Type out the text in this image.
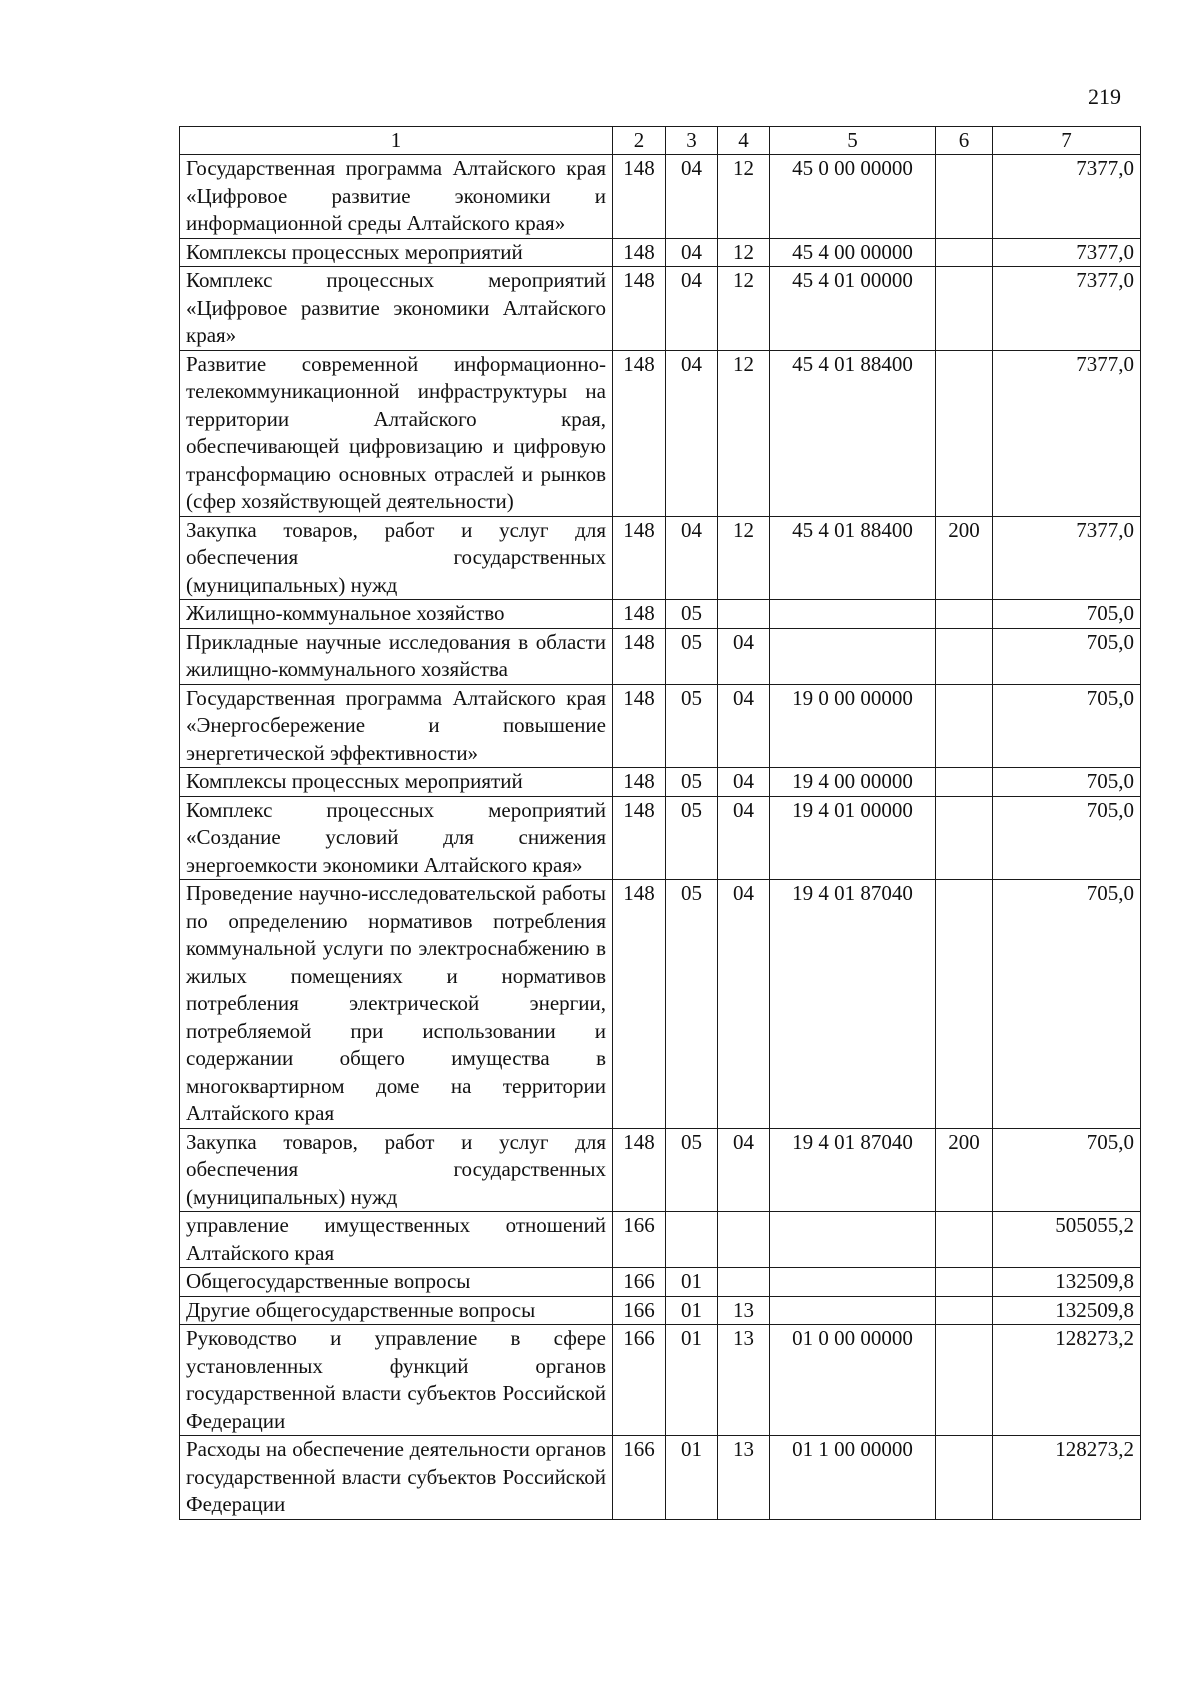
219
1	2	3	4	5	6	7
Государственная программа Алтайского края «Цифровое развитие экономики и информационной среды Алтайского края»	148	04	12	45 0 00 00000		7377,0
Комплексы процессных мероприятий	148	04	12	45 4 00 00000		7377,0
Комплекс процессных мероприятий «Цифровое развитие экономики Алтайского края»	148	04	12	45 4 01 00000		7377,0
Развитие современной информационно-телекоммуникационной инфраструктуры на территории Алтайского края, обеспечивающей цифровизацию и цифровую трансформацию основных отраслей и рынков (сфер хозяйствующей деятельности)	148	04	12	45 4 01 88400		7377,0
Закупка товаров, работ и услуг для обеспечения государственных (муниципальных) нужд	148	04	12	45 4 01 88400	200	7377,0
Жилищно-коммунальное хозяйство	148	05				705,0
Прикладные научные исследования в области жилищно-коммунального хозяйства	148	05	04			705,0
Государственная программа Алтайского края «Энергосбережение и повышение энергетической эффективности»	148	05	04	19 0 00 00000		705,0
Комплексы процессных мероприятий	148	05	04	19 4 00 00000		705,0
Комплекс процессных мероприятий «Создание условий для снижения энергоемкости экономики Алтайского края»	148	05	04	19 4 01 00000		705,0
Проведение научно-исследовательской работы по определению нормативов потребления коммунальной услуги по электроснабжению в жилых помещениях и нормативов потребления электрической энергии, потребляемой при использовании и содержании общего имущества в многоквартирном доме на территории Алтайского края	148	05	04	19 4 01 87040		705,0
Закупка товаров, работ и услуг для обеспечения государственных (муниципальных) нужд	148	05	04	19 4 01 87040	200	705,0
управление имущественных отношений Алтайского края	166					505055,2
Общегосударственные вопросы	166	01				132509,8
Другие общегосударственные вопросы	166	01	13			132509,8
Руководство и управление в сфере установленных функций органов государственной власти субъектов Российской Федерации	166	01	13	01 0 00 00000		128273,2
Расходы на обеспечение деятельности органов государственной власти субъектов Российской Федерации	166	01	13	01 1 00 00000		128273,2
